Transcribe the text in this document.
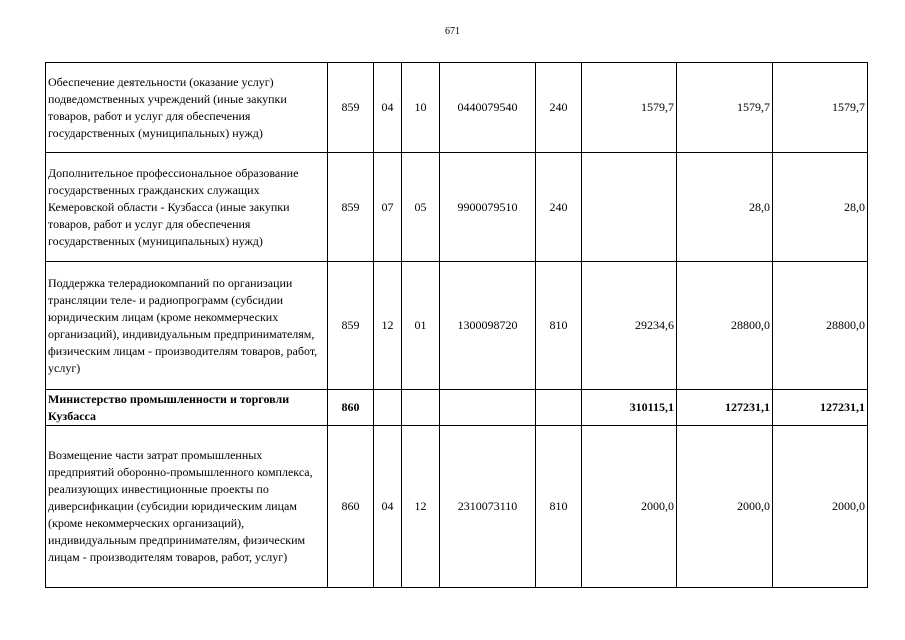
671
Обеспечение деятельности (оказание услуг) подведомственных учреждений (иные закупки товаров, работ и услуг для обеспечения государственных (муниципальных) нужд)	859	04	10	0440079540	240	1579,7	1579,7	1579,7
Дополнительное профессиональное образование государственных гражданских служащих Кемеровской области - Кузбасса (иные закупки товаров, работ и услуг для обеспечения государственных (муниципальных) нужд)	859	07	05	9900079510	240		28,0	28,0
Поддержка телерадиокомпаний по организации трансляции теле- и радиопрограмм (субсидии юридическим лицам (кроме некоммерческих организаций), индивидуальным предпринимателям, физическим лицам - производителям товаров, работ, услуг)	859	12	01	1300098720	810	29234,6	28800,0	28800,0
Министерство промышленности и торговли Кузбасса	860					310115,1	127231,1	127231,1
Возмещение части затрат промышленных предприятий оборонно-промышленного комплекса, реализующих инвестиционные проекты по диверсификации (субсидии юридическим лицам (кроме некоммерческих организаций), индивидуальным предпринимателям, физическим лицам - производителям товаров, работ, услуг)	860	04	12	2310073110	810	2000,0	2000,0	2000,0
